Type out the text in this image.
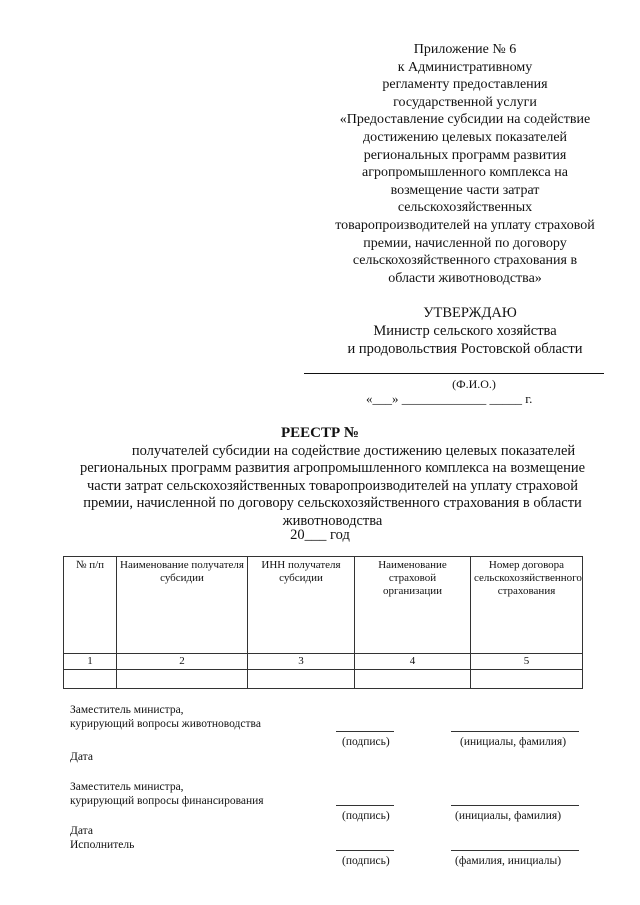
Приложение № 6
к Административному
регламенту предоставления
государственной услуги
«Предоставление субсидии на содействие
достижению целевых показателей
региональных программ развития
агропромышленного комплекса на
возмещение части затрат
сельскохозяйственных
товаропроизводителей на уплату страховой
премии, начисленной по договору
сельскохозяйственного страхования в
области животноводства»
УТВЕРЖДАЮ
Министр сельского хозяйства
и продовольствия Ростовской области
(Ф.И.О.)
«___» _____________ _____ г.
РЕЕСТР №
получателей субсидии на содействие достижению целевых показателей
региональных программ развития агропромышленного комплекса на возмещение
части затрат сельскохозяйственных товаропроизводителей на уплату страховой
премии, начисленной по договору сельскохозяйственного страхования в области
животноводства
20___ год
№ п/п	Наименование получателя субсидии	ИНН получателя субсидии	Наименование страховой организации	Номер договора сельскохозяйственного страхования
1	2	3	4	5

Заместитель министра,
курирующий вопросы животноводства
(подпись)	(инициалы, фамилия)
Дата
Заместитель министра,
курирующий вопросы финансирования
(подпись)	(инициалы, фамилия)
Дата
Исполнитель
(подпись)	(фамилия, инициалы)
